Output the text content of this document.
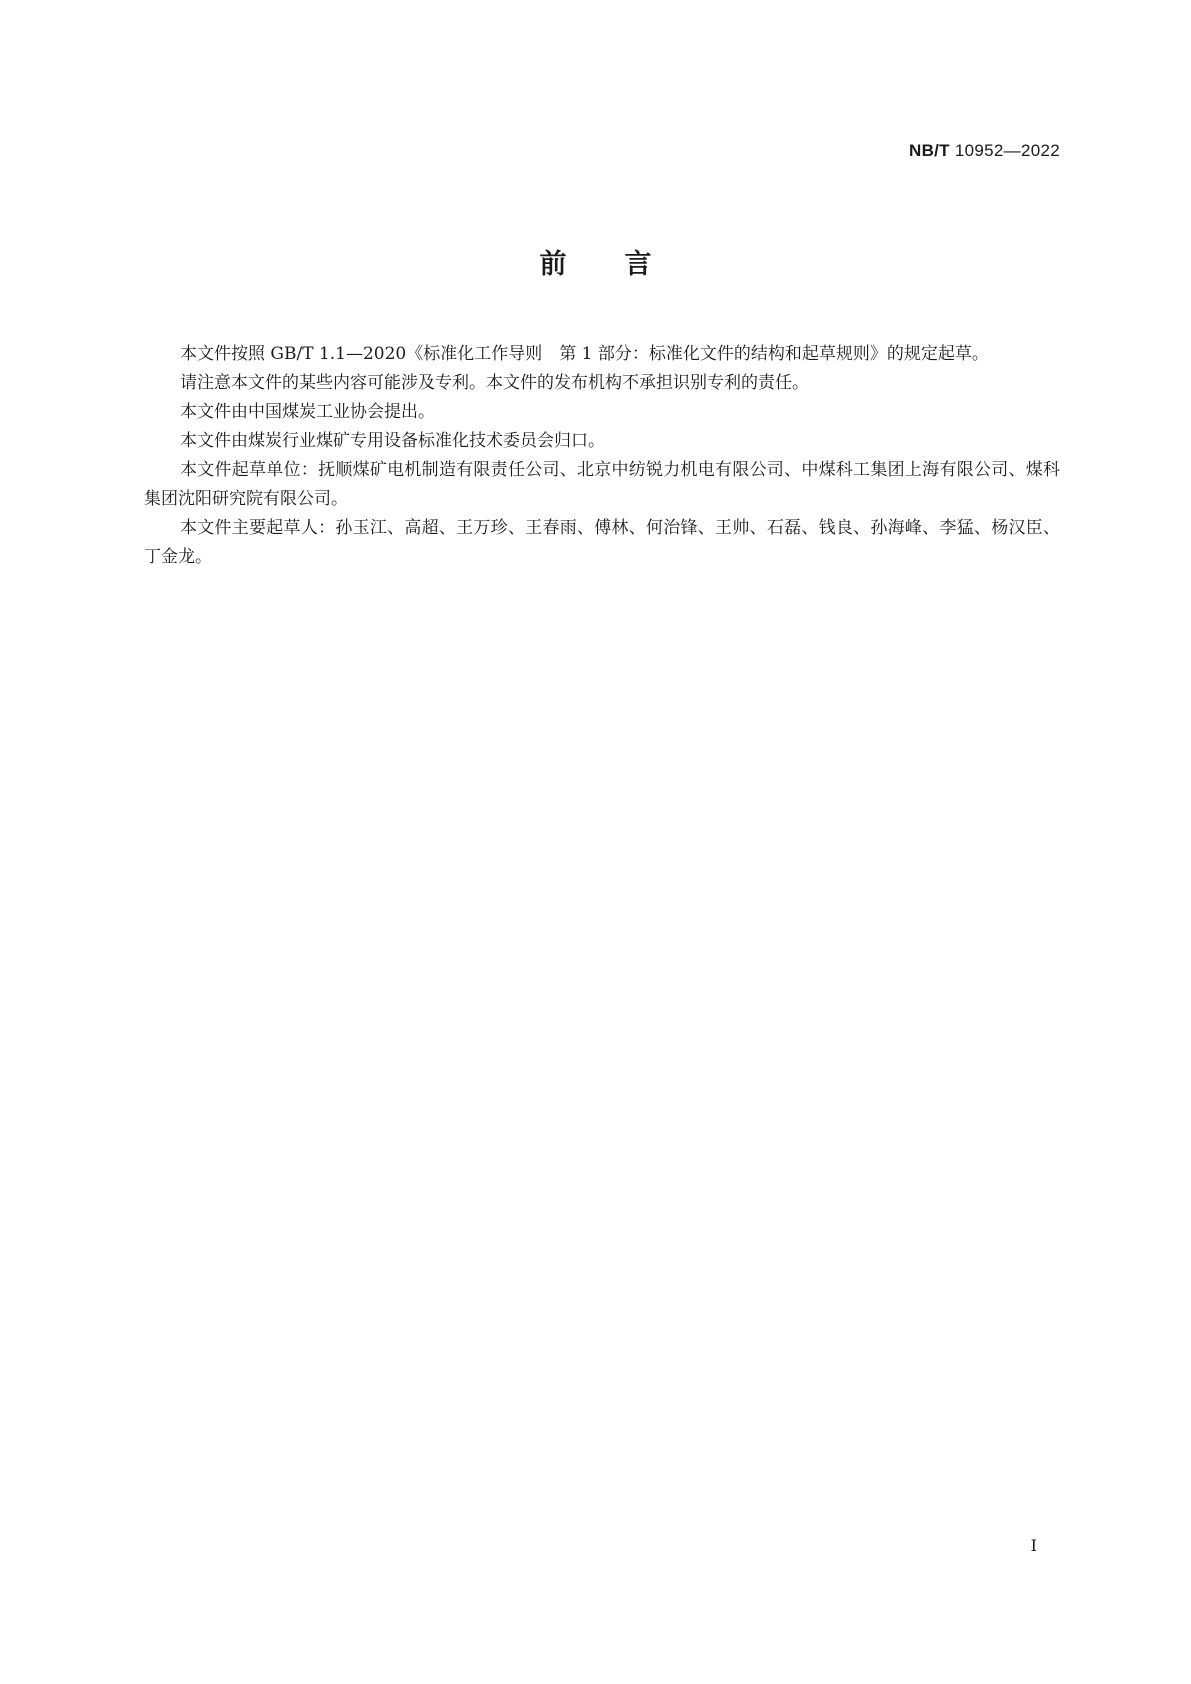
NB/T 10952—2022
前言

本文件按照 GB/T 1.1—2020《标准化工作导则　第 1 部分：标准化文件的结构和起草规则》的规定起草。

请注意本文件的某些内容可能涉及专利。本文件的发布机构不承担识别专利的责任。

本文件由中国煤炭工业协会提出。

本文件由煤炭行业煤矿专用设备标准化技术委员会归口。

本文件起草单位：抚顺煤矿电机制造有限责任公司、北京中纺锐力机电有限公司、中煤科工集团上海有限公司、煤科集团沈阳研究院有限公司。

本文件主要起草人：孙玉江、高超、王万珍、王春雨、傅林、何治锋、王帅、石磊、钱良、孙海峰、李猛、杨汉臣、丁金龙。

I
